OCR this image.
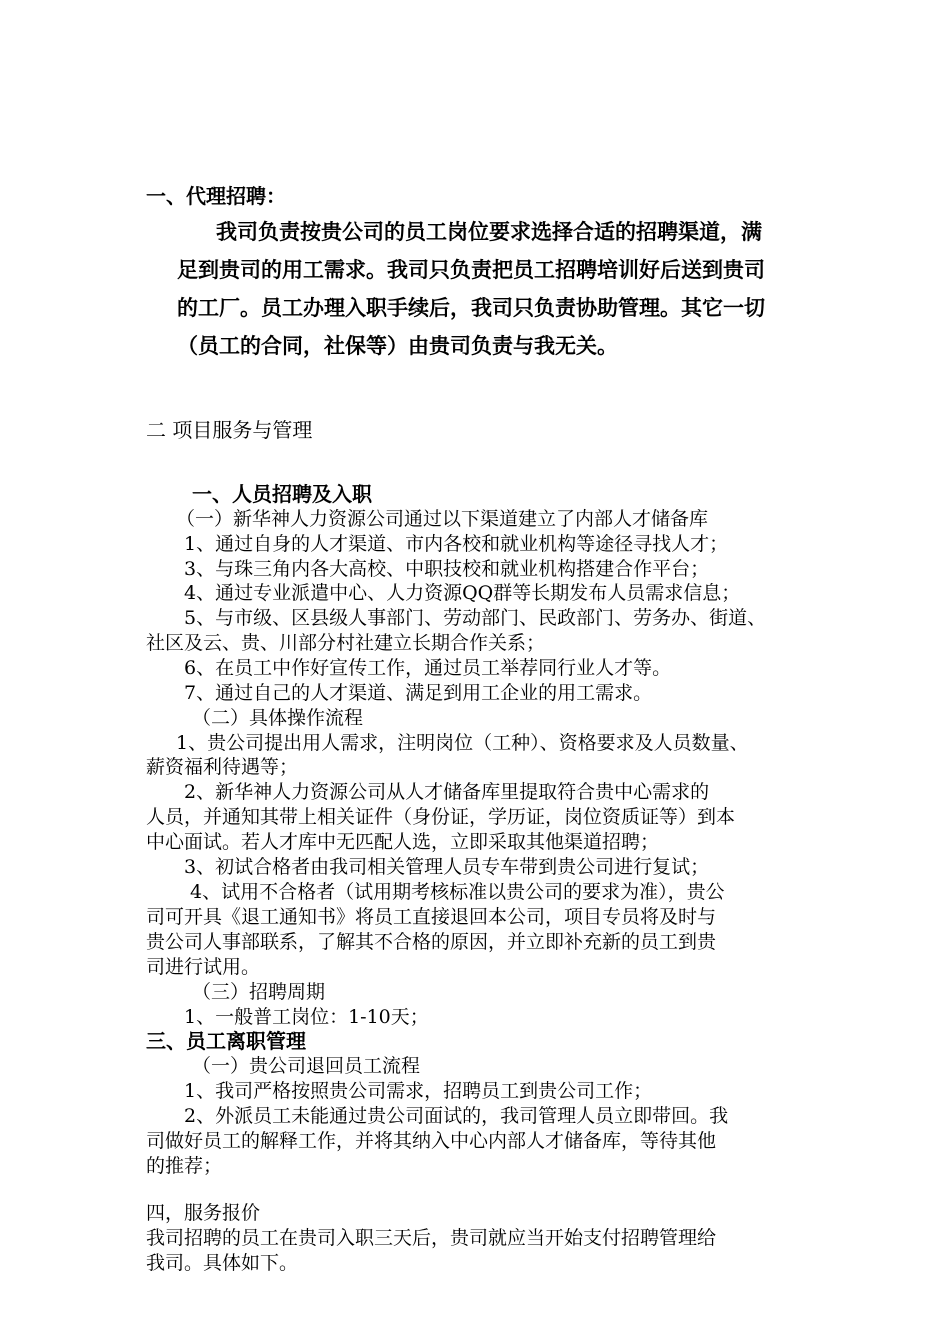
一、代理招聘：
我司负责按贵公司的员工岗位要求选择合适的招聘渠道，满
足到贵司的用工需求。我司只负责把员工招聘培训好后送到贵司
的工厂。员工办理入职手续后，我司只负责协助管理。其它一切
（员工的合同，社保等）由贵司负责与我无关。
二 项目服务与管理
一、人员招聘及入职
（一）新华神人力资源公司通过以下渠道建立了内部人才储备库
1、通过自身的人才渠道、市内各校和就业机构等途径寻找人才；
3、与珠三角内各大高校、中职技校和就业机构搭建合作平台；
4、通过专业派遣中心、人力资源QQ群等长期发布人员需求信息；
5、与市级、区县级人事部门、劳动部门、民政部门、劳务办、街道、
社区及云、贵、川部分村社建立长期合作关系；
6、在员工中作好宣传工作，通过员工举荐同行业人才等。
7、通过自己的人才渠道、满足到用工企业的用工需求。
（二）具体操作流程
1、贵公司提出用人需求，注明岗位（工种）、资格要求及人员数量、
薪资福利待遇等；
2、新华神人力资源公司从人才储备库里提取符合贵中心需求的
人员，并通知其带上相关证件（身份证，学历证，岗位资质证等）到本
中心面试。若人才库中无匹配人选，立即采取其他渠道招聘；
3、初试合格者由我司相关管理人员专车带到贵公司进行复试；
4、试用不合格者（试用期考核标准以贵公司的要求为准），贵公
司可开具《退工通知书》将员工直接退回本公司，项目专员将及时与
贵公司人事部联系，了解其不合格的原因，并立即补充新的员工到贵
司进行试用。
（三）招聘周期
1、一般普工岗位：1-10天；
三、员工离职管理
（一）贵公司退回员工流程
1、我司严格按照贵公司需求，招聘员工到贵公司工作；
2、外派员工未能通过贵公司面试的，我司管理人员立即带回。我
司做好员工的解释工作，并将其纳入中心内部人才储备库，等待其他
的推荐；
四，服务报价
我司招聘的员工在贵司入职三天后，贵司就应当开始支付招聘管理给
我司。具体如下。
